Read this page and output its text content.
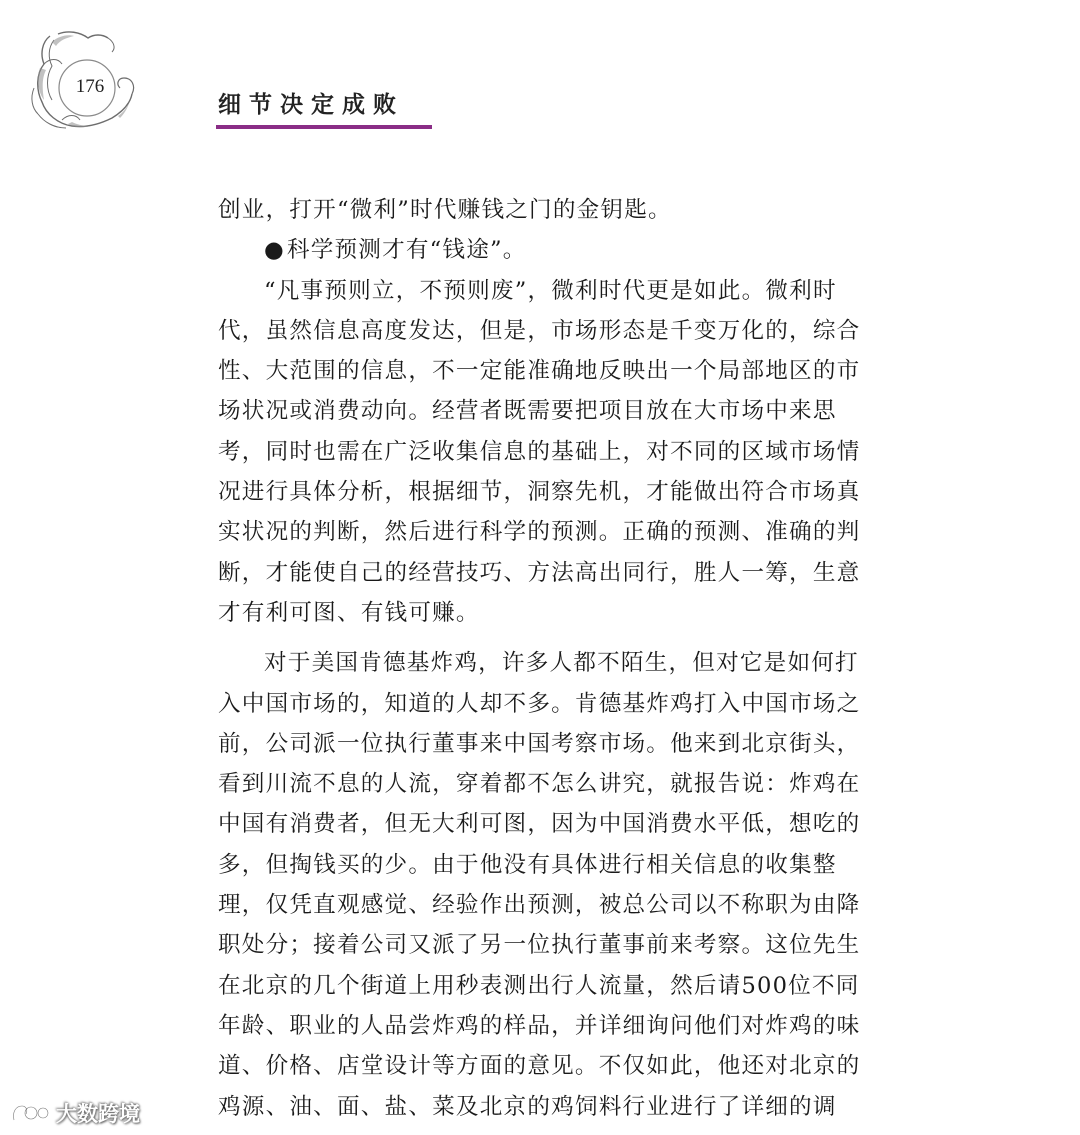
176
细节决定成败

创业，打开“微利”时代赚钱之门的金钥匙。

●科学预测才有“钱途”。

“凡事预则立，不预则废”，微利时代更是如此。微利时代，虽然信息高度发达，但是，市场形态是千变万化的，综合性、大范围的信息，不一定能准确地反映出一个局部地区的市场状况或消费动向。经营者既需要把项目放在大市场中来思考，同时也需在广泛收集信息的基础上，对不同的区域市场情况进行具体分析，根据细节，洞察先机，才能做出符合市场真实状况的判断，然后进行科学的预测。正确的预测、准确的判断，才能使自己的经营技巧、方法高出同行，胜人一筹，生意才有利可图、有钱可赚。

对于美国肯德基炸鸡，许多人都不陌生，但对它是如何打入中国市场的，知道的人却不多。肯德基炸鸡打入中国市场之前，公司派一位执行董事来中国考察市场。他来到北京街头，看到川流不息的人流，穿着都不怎么讲究，就报告说：炸鸡在中国有消费者，但无大利可图，因为中国消费水平低，想吃的多，但掏钱买的少。由于他没有具体进行相关信息的收集整理，仅凭直观感觉、经验作出预测，被总公司以不称职为由降职处分；接着公司又派了另一位执行董事前来考察。这位先生在北京的几个街道上用秒表测出行人流量，然后请500位不同年龄、职业的人品尝炸鸡的样品，并详细询问他们对炸鸡的味道、价格、店堂设计等方面的意见。不仅如此，他还对北京的鸡源、油、面、盐、菜及北京的鸡饲料行业进行了详细的调

大数跨境
